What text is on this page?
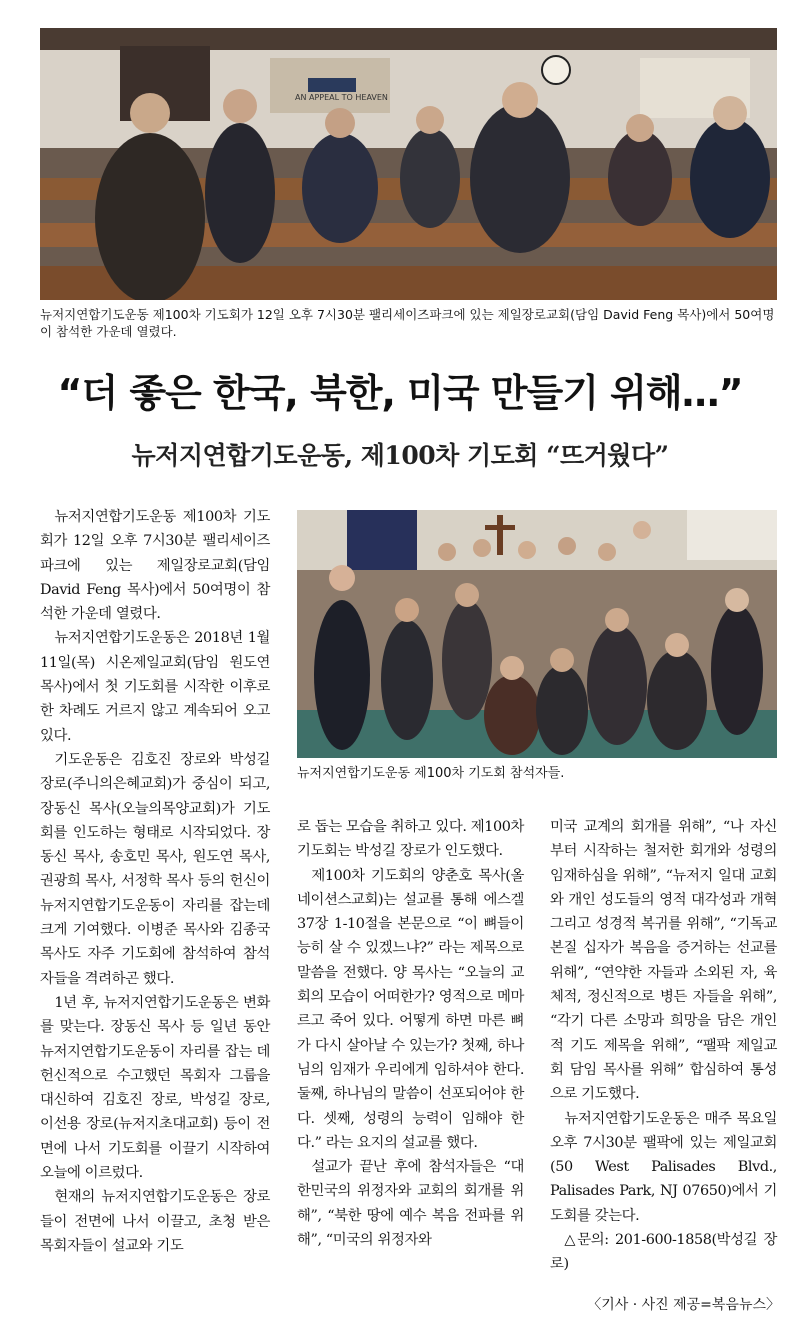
AN APPEAL TO HEAVEN

뉴저지연합기도운동 제100차 기도회가 12일 오후 7시30분 팰리세이즈파크에 있는 제일장로교회(담임 David Feng 목사)에서 50여명이 참석한 가운데 열렸다.

“더 좋은 한국, 북한, 미국 만들기 위해…”
뉴저지연합기도운동, 제100차 기도회 “뜨거웠다”

뉴저지연합기도운동 제100차 기도회 참석자들.

뉴저지연합기도운동 제100차 기도회가 12일 오후 7시30분 팰리세이즈파크에 있는 제일장로교회(담임 David Feng 목사)에서 50여명이 참석한 가운데 열렸다.

뉴저지연합기도운동은 2018년 1월 11일(목) 시온제일교회(담임 원도연 목사)에서 첫 기도회를 시작한 이후로 한 차례도 거르지 않고 계속되어 오고 있다.

기도운동은 김호진 장로와 박성길 장로(주니의은혜교회)가 중심이 되고, 장동신 목사(오늘의목양교회)가 기도회를 인도하는 형태로 시작되었다. 장동신 목사, 송호민 목사, 원도연 목사, 권광희 목사, 서정학 목사 등의 헌신이 뉴저지연합기도운동이 자리를 잡는데 크게 기여했다. 이병준 목사와 김종국 목사도 자주 기도회에 참석하여 참석자들을 격려하곤 했다.

1년 후, 뉴저지연합기도운동은 변화를 맞는다. 장동신 목사 등 일년 동안 뉴저지연합기도운동이 자리를 잡는 데 헌신적으로 수고했던 목회자 그룹을 대신하여 김호진 장로, 박성길 장로, 이선용 장로(뉴저지초대교회) 등이 전면에 나서 기도회를 이끌기 시작하여 오늘에 이르렀다.

현재의 뉴저지연합기도운동은 장로들이 전면에 나서 이끌고, 초청 받은 목회자들이 설교와 기도

로 돕는 모습을 취하고 있다. 제100차 기도회는 박성길 장로가 인도했다.

제100차 기도회의 양춘호 목사(올네이션스교회)는 설교를 통해 에스겔 37장 1-10절을 본문으로 “이 뼈들이 능히 살 수 있겠느냐?” 라는 제목으로 말씀을 전했다. 양 목사는 “오늘의 교회의 모습이 어떠한가? 영적으로 메마르고 죽어 있다. 어떻게 하면 마른 뼈가 다시 살아날 수 있는가? 첫째, 하나님의 임재가 우리에게 임하셔야 한다. 둘째, 하나님의 말씀이 선포되어야 한다. 셋째, 성령의 능력이 임해야 한다.” 라는 요지의 설교를 했다.

설교가 끝난 후에 참석자들은 “대한민국의 위정자와 교회의 회개를 위해”, “북한 땅에 예수 복음 전파를 위해”, “미국의 위정자와

미국 교계의 회개를 위해”, “나 자신부터 시작하는 철저한 회개와 성령의 임재하심을 위해”, “뉴저지 일대 교회와 개인 성도들의 영적 대각성과 개혁 그리고 성경적 복귀를 위해”, “기독교 본질 십자가 복음을 증거하는 선교를 위해”, “연약한 자들과 소외된 자, 육체적, 정신적으로 병든 자들을 위해”, “각기 다른 소망과 희망을 담은 개인적 기도 제목을 위해”, “팰팍 제일교회 담임 목사를 위해” 합심하여 통성으로 기도했다.

뉴저지연합기도운동은 매주 목요일 오후 7시30분 팰팍에 있는 제일교회(50 West Palisades Blvd., Palisades Park, NJ 07650)에서 기도회를 갖는다.

△문의: 201-600-1858(박성길 장로)

〈기사 · 사진 제공=복음뉴스〉
